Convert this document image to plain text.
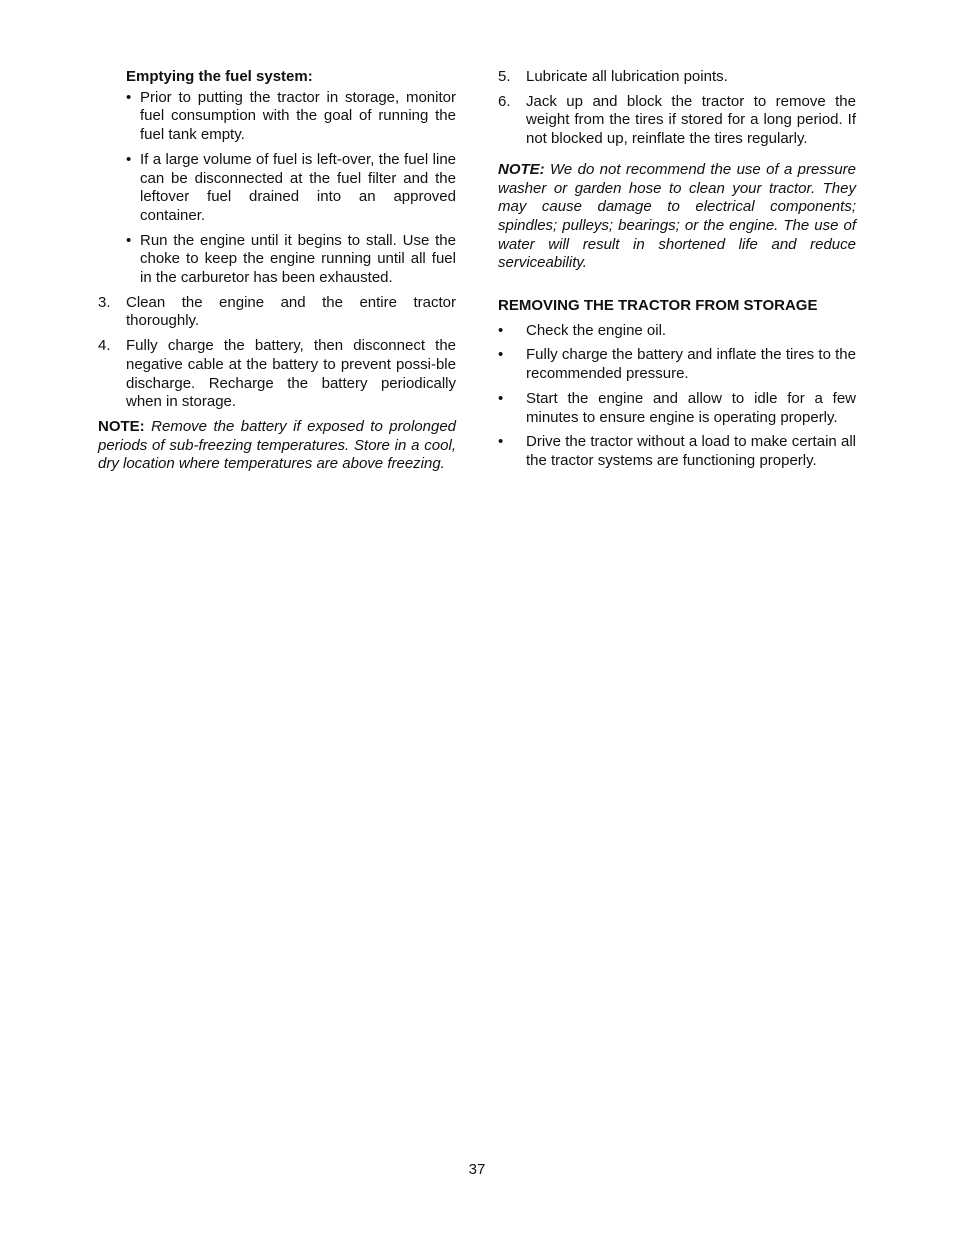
Emptying the fuel system:
• Prior to putting the tractor in storage, monitor fuel consumption with the goal of running the fuel tank empty.
• If a large volume of fuel is left-over, the fuel line can be disconnected at the fuel filter and the leftover fuel drained into an approved container.
• Run the engine until it begins to stall. Use the choke to keep the engine running until all fuel in the carburetor has been exhausted.
3. Clean the engine and the entire tractor thoroughly.
4. Fully charge the battery, then disconnect the negative cable at the battery to prevent possi-ble discharge. Recharge the battery periodically when in storage.

NOTE: Remove the battery if exposed to prolonged periods of sub-freezing temperatures. Store in a cool, dry location where temperatures are above freezing.

5. Lubricate all lubrication points.
6. Jack up and block the tractor to remove the weight from the tires if stored for a long period. If not blocked up, reinflate the tires regularly.

NOTE: We do not recommend the use of a pressure washer or garden hose to clean your tractor. They may cause damage to electrical components; spindles; pulleys; bearings; or the engine. The use of water will result in shortened life and reduce serviceability.

REMOVING THE TRACTOR FROM STORAGE
• Check the engine oil.
• Fully charge the battery and inflate the tires to the recommended pressure.
• Start the engine and allow to idle for a few minutes to ensure engine is operating properly.
• Drive the tractor without a load to make certain all the tractor systems are functioning properly.
37
